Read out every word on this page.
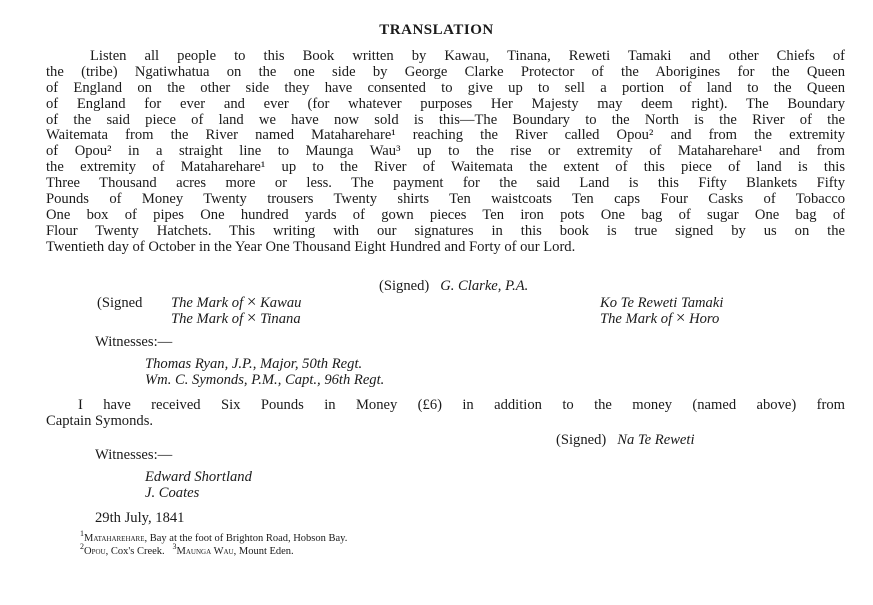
TRANSLATION
Listen all people to this Book written by Kawau, Tinana, Reweti Tamaki and other Chiefs of
the (tribe) Ngatiwhatua on the one side by George Clarke Protector of the Aborigines for the Queen
of England on the other side they have consented to give up to sell a portion of land to the Queen
of England for ever and ever (for whatever purposes Her Majesty may deem right). The Boundary
of the said piece of land we have now sold is this—The Boundary to the North is the River of the
Waitemata from the River named Mataharehare¹ reaching the River called Opou² and from the extremity
of Opou² in a straight line to Maunga Wau³ up to the rise or extremity of Mataharehare¹ and from
the extremity of Mataharehare¹ up to the River of Waitemata the extent of this piece of land is this
Three Thousand acres more or less. The payment for the said Land is this Fifty Blankets Fifty
Pounds of Money Twenty trousers Twenty shirts Ten waistcoats Ten caps Four Casks of Tobacco
One box of pipes One hundred yards of gown pieces Ten iron pots One bag of sugar One bag of
Flour Twenty Hatchets. This writing with our signatures in this book is true signed by us on the
Twentieth day of October in the Year One Thousand Eight Hundred and Forty of our Lord.
(Signed) G. Clarke, P.A.
(Signed The Mark of × Kawau
The Mark of × Tinana
Ko Te Reweti Tamaki
The Mark of × Horo
Witnesses:—
Thomas Ryan, J.P., Major, 50th Regt.
Wm. C. Symonds, P.M., Capt., 96th Regt.
I have received Six Pounds in Money (£6) in addition to the money (named above) from
Captain Symonds.
(Signed) Na Te Reweti
Witnesses:—
Edward Shortland
J. Coates
29th July, 1841
$^1$Mataharehare, Bay at the foot of Brighton Road, Hobson Bay.
$^2$Opou, Cox's Creek. $^3$Maunga Wau, Mount Eden.
